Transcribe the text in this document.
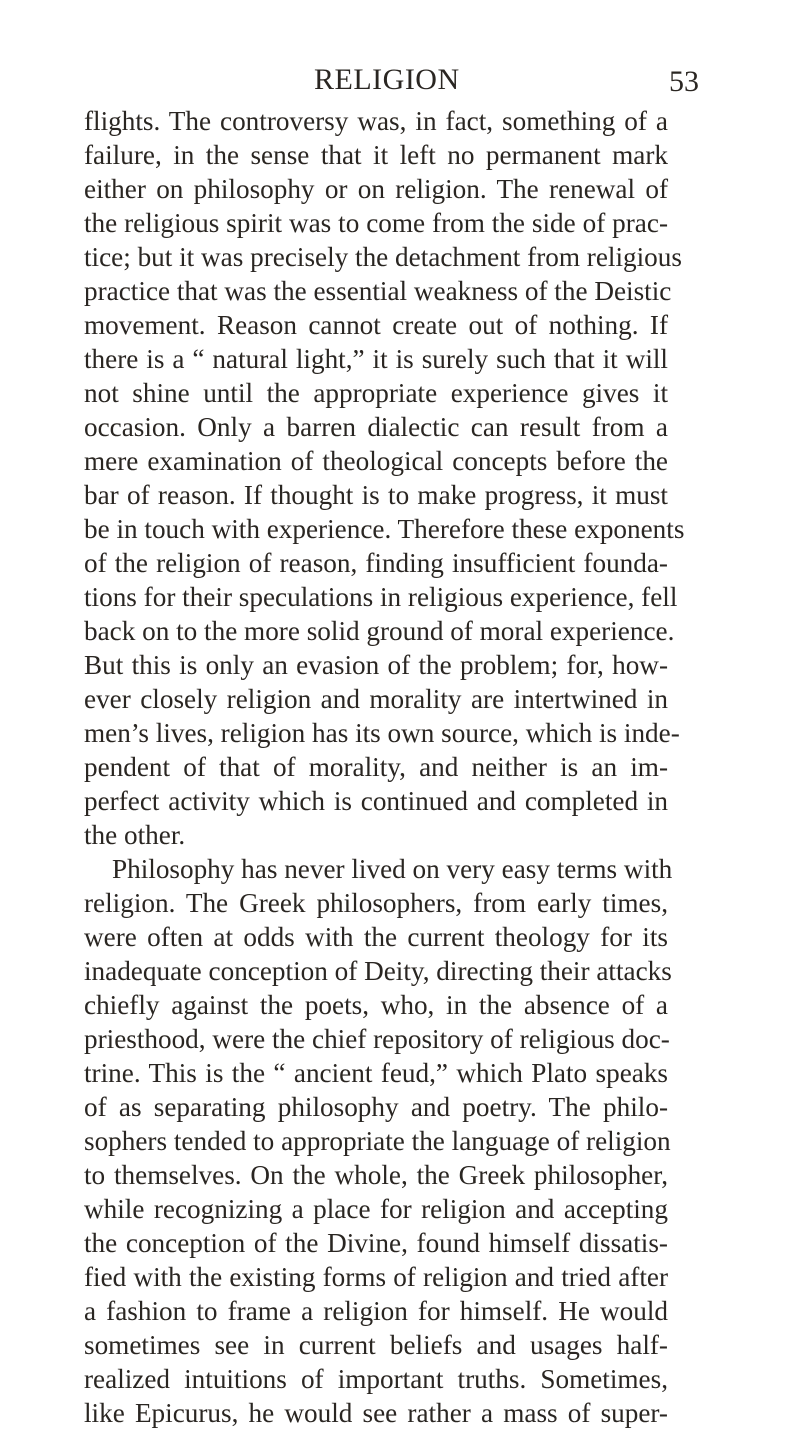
RELIGION	53
flights. The controversy was, in fact, something of a
failure, in the sense that it left no permanent mark
either on philosophy or on religion. The renewal of
the religious spirit was to come from the side of prac-
tice; but it was precisely the detachment from religious
practice that was the essential weakness of the Deistic
movement. Reason cannot create out of nothing. If
there is a “ natural light,” it is surely such that it will
not shine until the appropriate experience gives it
occasion. Only a barren dialectic can result from a
mere examination of theological concepts before the
bar of reason. If thought is to make progress, it must
be in touch with experience. Therefore these exponents
of the religion of reason, finding insufficient founda-
tions for their speculations in religious experience, fell
back on to the more solid ground of moral experience.
But this is only an evasion of the problem; for, how-
ever closely religion and morality are intertwined in
men’s lives, religion has its own source, which is inde-
pendent of that of morality, and neither is an im-
perfect activity which is continued and completed in
the other.
Philosophy has never lived on very easy terms with
religion. The Greek philosophers, from early times,
were often at odds with the current theology for its
inadequate conception of Deity, directing their attacks
chiefly against the poets, who, in the absence of a
priesthood, were the chief repository of religious doc-
trine. This is the “ ancient feud,” which Plato speaks
of as separating philosophy and poetry. The philo-
sophers tended to appropriate the language of religion
to themselves. On the whole, the Greek philosopher,
while recognizing a place for religion and accepting
the conception of the Divine, found himself dissatis-
fied with the existing forms of religion and tried after
a fashion to frame a religion for himself. He would
sometimes see in current beliefs and usages half-
realized intuitions of important truths. Sometimes,
like Epicurus, he would see rather a mass of super-
